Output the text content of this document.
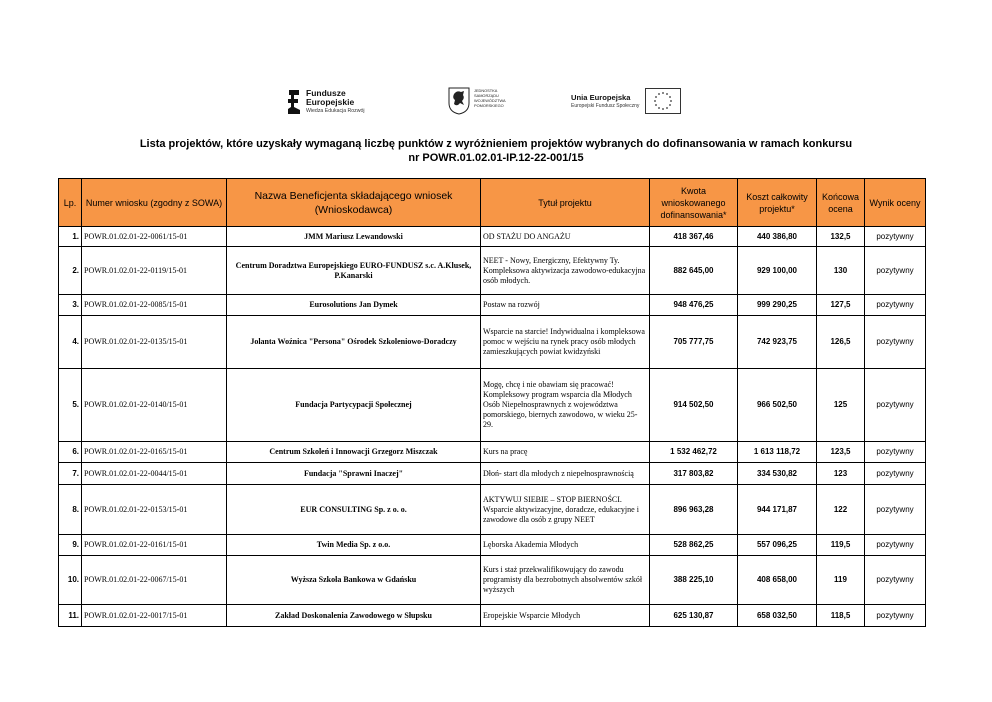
Fundusze
Europejskie
Wiedza Edukacja Rozwój
JEDNOSTKA
SAMORZĄDU
WOJEWÓDZTWA
POMORSKIEGO
Unia Europejska
Europejski Fundusz Społeczny
Lista projektów, które uzyskały wymaganą liczbę punktów z wyróżnieniem projektów wybranych do dofinansowania w ramach konkursu
nr POWR.01.02.01-IP.12-22-001/15
Lp.	Numer wniosku (zgodny z SOWA)	Nazwa Beneficjenta składającego wniosek (Wnioskodawca)	Tytuł projektu	Kwota wnioskowanego dofinansowania*	Koszt całkowity projektu*	Końcowa ocena	Wynik oceny
1.	POWR.01.02.01-22-0061/15-01	JMM Mariusz Lewandowski	OD STAŻU DO ANGAŻU	418 367,46	440 386,80	132,5	pozytywny
2.	POWR.01.02.01-22-0119/15-01	Centrum Doradztwa Europejskiego EURO-FUNDUSZ s.c. A.Klusek, P.Kanarski	NEET - Nowy, Energiczny, Efektywny Ty. Kompleksowa aktywizacja zawodowo-edukacyjna osób młodych.	882 645,00	929 100,00	130	pozytywny
3.	POWR.01.02.01-22-0085/15-01	Eurosolutions Jan Dymek	Postaw na rozwój	948 476,25	999 290,25	127,5	pozytywny
4.	POWR.01.02.01-22-0135/15-01	Jolanta Woźnica "Persona" Ośrodek Szkoleniowo-Doradczy	Wsparcie na starcie! Indywidualna i kompleksowa pomoc w wejściu na rynek pracy osób młodych zamieszkujących powiat kwidzyński	705 777,75	742 923,75	126,5	pozytywny
5.	POWR.01.02.01-22-0140/15-01	Fundacja Partycypacji Społecznej	Mogę, chcę i nie obawiam się pracować! Kompleksowy program wsparcia dla Młodych Osób Niepełnosprawnych z województwa pomorskiego, biernych zawodowo, w wieku 25-29.	914 502,50	966 502,50	125	pozytywny
6.	POWR.01.02.01-22-0165/15-01	Centrum Szkoleń i Innowacji Grzegorz Miszczak	Kurs na pracę	1 532 462,72	1 613 118,72	123,5	pozytywny
7.	POWR.01.02.01-22-0044/15-01	Fundacja "Sprawni Inaczej"	Dłoń- start dla młodych z niepełnosprawnością	317 803,82	334 530,82	123	pozytywny
8.	POWR.01.02.01-22-0153/15-01	EUR CONSULTING Sp. z o. o.	AKTYWUJ SIEBIE – STOP BIERNOŚCI. Wsparcie aktywizacyjne, doradcze, edukacyjne i zawodowe dla osób z grupy NEET	896 963,28	944 171,87	122	pozytywny
9.	POWR.01.02.01-22-0161/15-01	Twin Media Sp. z o.o.	Lęborska Akademia Młodych	528 862,25	557 096,25	119,5	pozytywny
10.	POWR.01.02.01-22-0067/15-01	Wyższa Szkoła Bankowa w Gdańsku	Kurs i staż przekwalifikowujący do zawodu programisty dla bezrobotnych absolwentów szkół wyższych	388 225,10	408 658,00	119	pozytywny
11.	POWR.01.02.01-22-0017/15-01	Zakład Doskonalenia Zawodowego w Słupsku	Eropejskie Wsparcie Młodych	625 130,87	658 032,50	118,5	pozytywny
